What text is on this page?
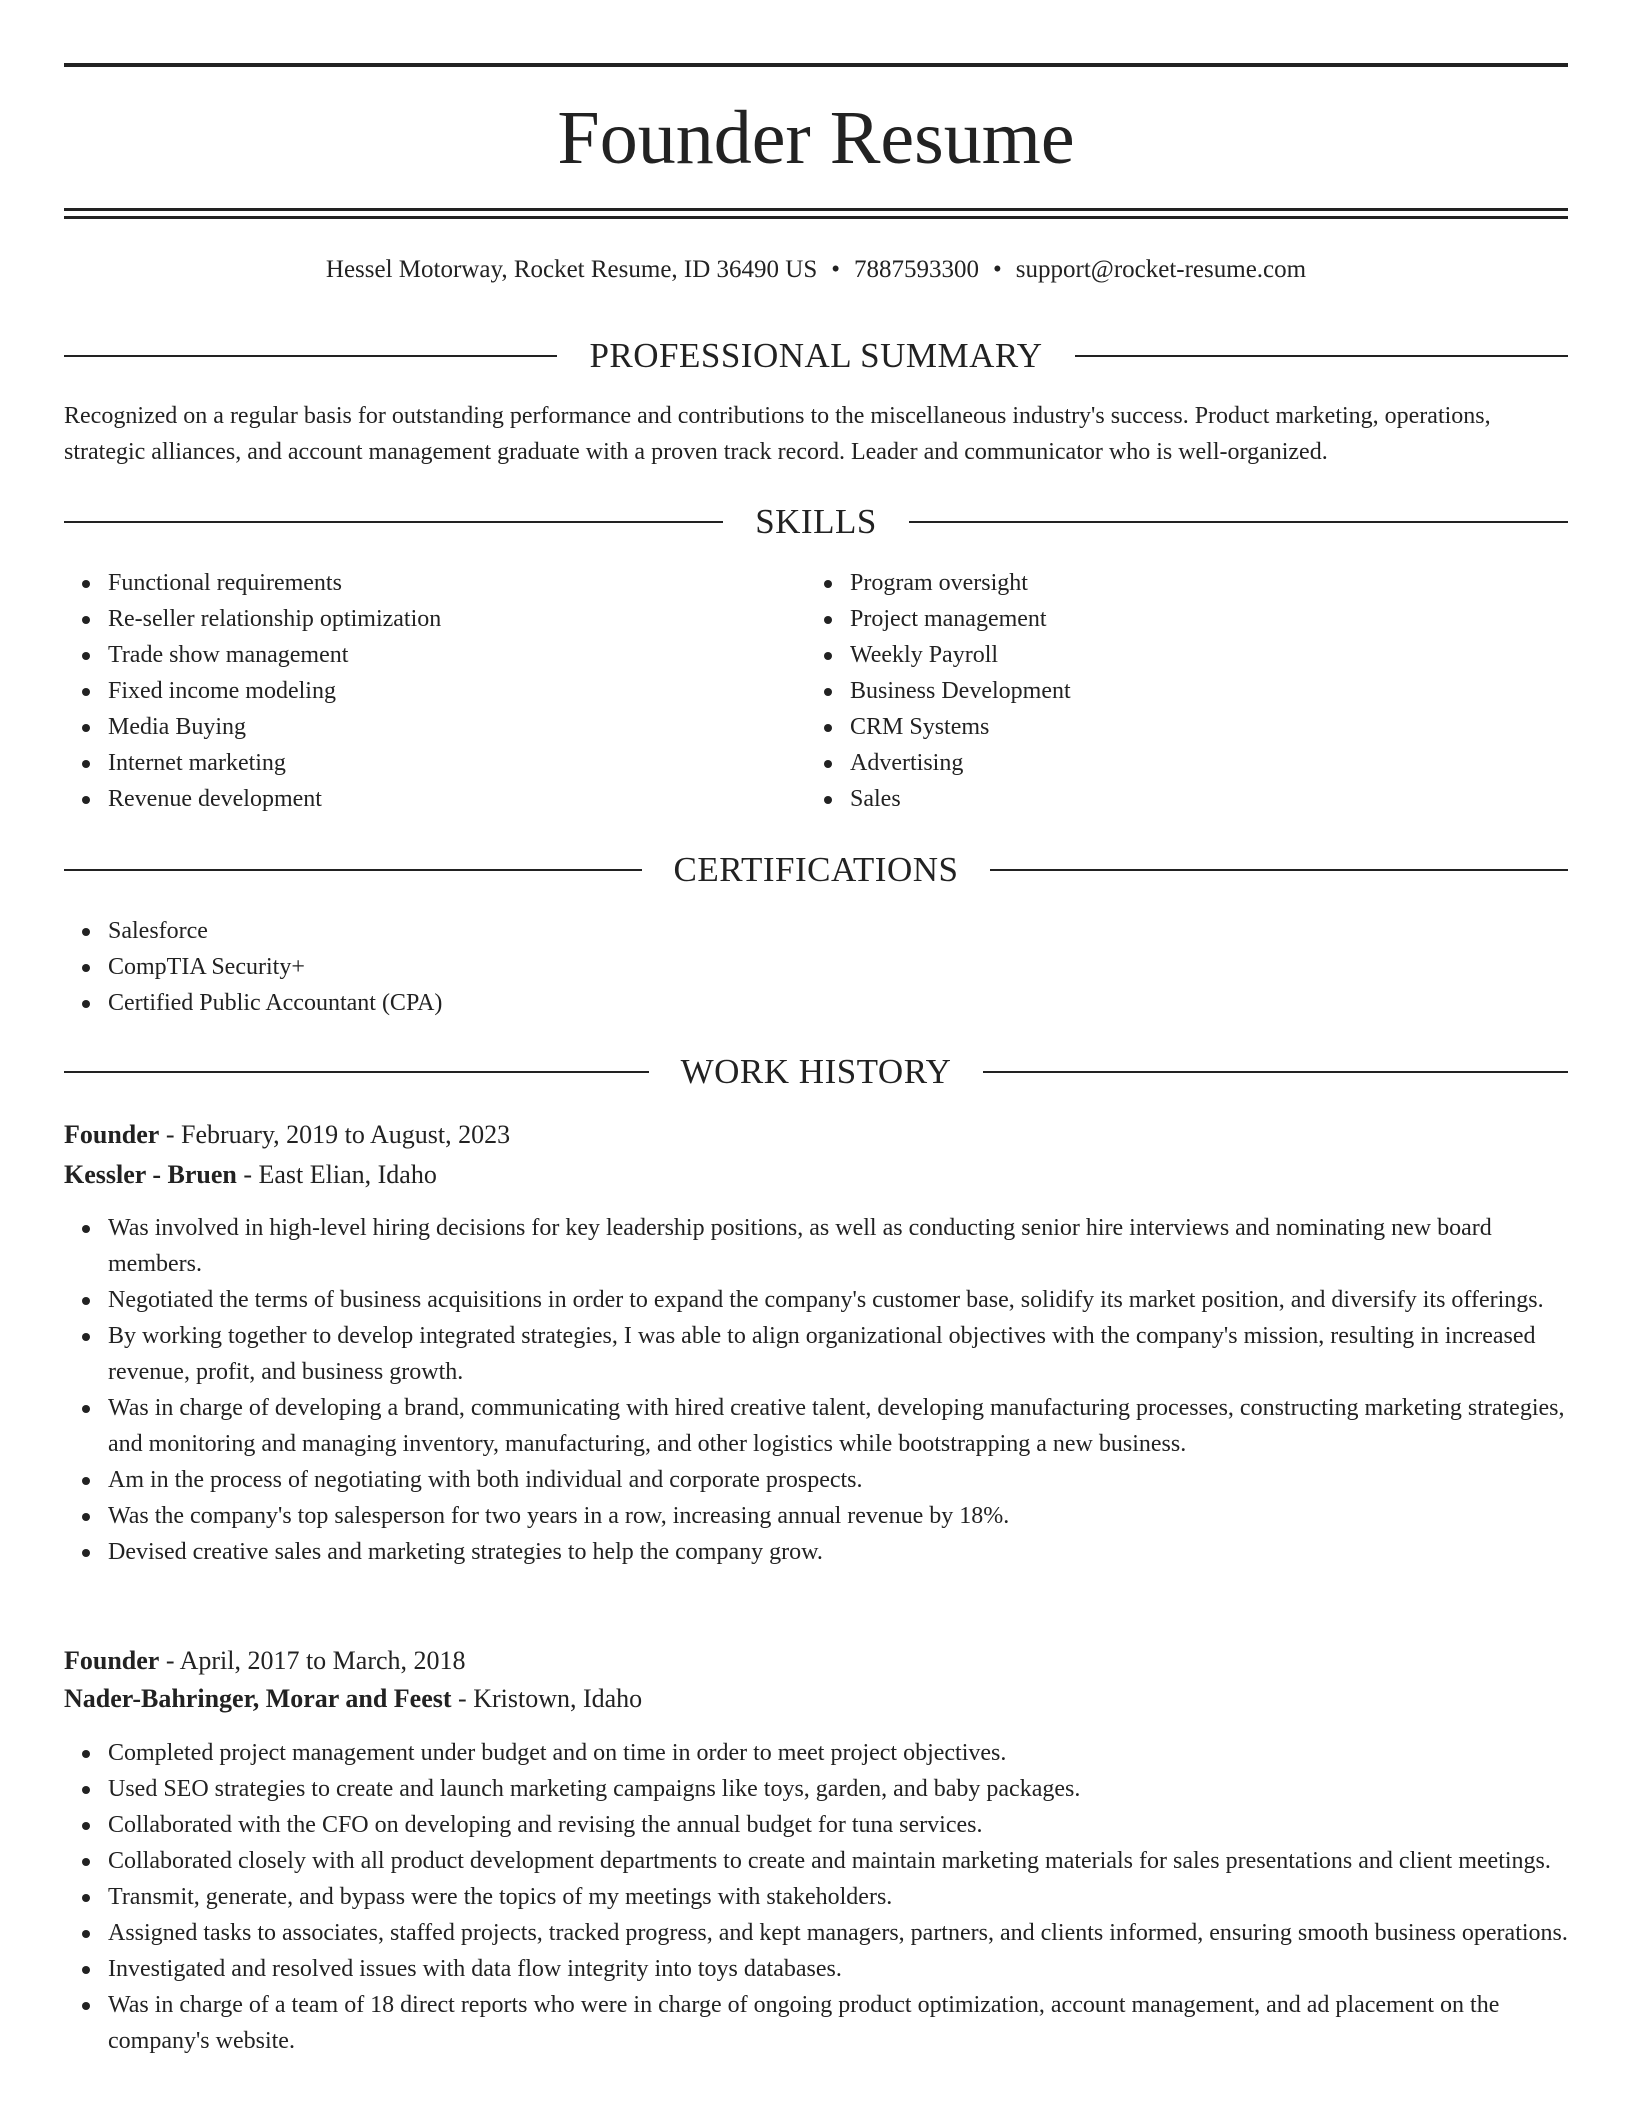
Founder Resume
Hessel Motorway, Rocket Resume, ID 36490 US • 7887593300 • support@rocket-resume.com
PROFESSIONAL SUMMARY

Recognized on a regular basis for outstanding performance and contributions to the miscellaneous industry's success. Product marketing, operations, strategic alliances, and account management graduate with a proven track record. Leader and communicator who is well-organized.

SKILLS
Functional requirements
Re-seller relationship optimization
Trade show management
Fixed income modeling
Media Buying
Internet marketing
Revenue development
Program oversight
Project management
Weekly Payroll
Business Development
CRM Systems
Advertising
Sales
CERTIFICATIONS
Salesforce
CompTIA Security+
Certified Public Accountant (CPA)
WORK HISTORY
Founder - February, 2019 to August, 2023
Kessler - Bruen - East Elian, Idaho
Was involved in high-level hiring decisions for key leadership positions, as well as conducting senior hire interviews and nominating new board members.
Negotiated the terms of business acquisitions in order to expand the company's customer base, solidify its market position, and diversify its offerings.
By working together to develop integrated strategies, I was able to align organizational objectives with the company's mission, resulting in increased revenue, profit, and business growth.
Was in charge of developing a brand, communicating with hired creative talent, developing manufacturing processes, constructing marketing strategies, and monitoring and managing inventory, manufacturing, and other logistics while bootstrapping a new business.
Am in the process of negotiating with both individual and corporate prospects.
Was the company's top salesperson for two years in a row, increasing annual revenue by 18%.
Devised creative sales and marketing strategies to help the company grow.
Founder - April, 2017 to March, 2018
Nader-Bahringer, Morar and Feest - Kristown, Idaho
Completed project management under budget and on time in order to meet project objectives.
Used SEO strategies to create and launch marketing campaigns like toys, garden, and baby packages.
Collaborated with the CFO on developing and revising the annual budget for tuna services.
Collaborated closely with all product development departments to create and maintain marketing materials for sales presentations and client meetings.
Transmit, generate, and bypass were the topics of my meetings with stakeholders.
Assigned tasks to associates, staffed projects, tracked progress, and kept managers, partners, and clients informed, ensuring smooth business operations.
Investigated and resolved issues with data flow integrity into toys databases.
Was in charge of a team of 18 direct reports who were in charge of ongoing product optimization, account management, and ad placement on the company's website.
